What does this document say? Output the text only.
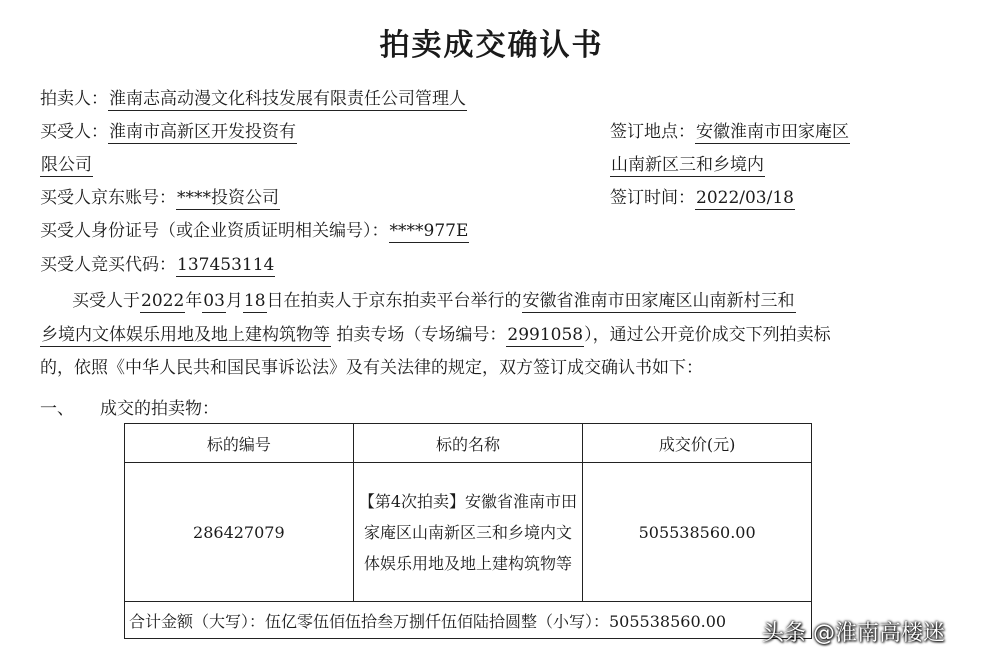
拍卖成交确认书
拍卖人：淮南志高动漫文化科技发展有限责任公司管理人
买受人：淮南市高新区开发投资有
限公司
签订地点：安徽淮南市田家庵区
山南新区三和乡境内
买受人京东账号：****投资公司	签订时间：2022/03/18
买受人身份证号（或企业资质证明相关编号）：****977E
买受人竞买代码：137453114
买受人于2022年03月18日在拍卖人于京东拍卖平台举行的安徽省淮南市田家庵区山南新村三和
乡境内文体娱乐用地及地上建构筑物等 拍卖专场（专场编号：2991058），通过公开竞价成交下列拍卖标
的，依照《中华人民共和国民事诉讼法》及有关法律的规定，双方签订成交确认书如下：
一、 成交的拍卖物：
标的编号	标的名称	成交价(元)
286427079	【第4次拍卖】安徽省淮南市田家庵区山南新区三和乡境内文体娱乐用地及地上建构筑物等	505538560.00
合计金额（大写）：伍亿零伍佰伍拾叁万捌仟伍佰陆拾圆整（小写）：505538560.00		头条 @淮南高楼迷
